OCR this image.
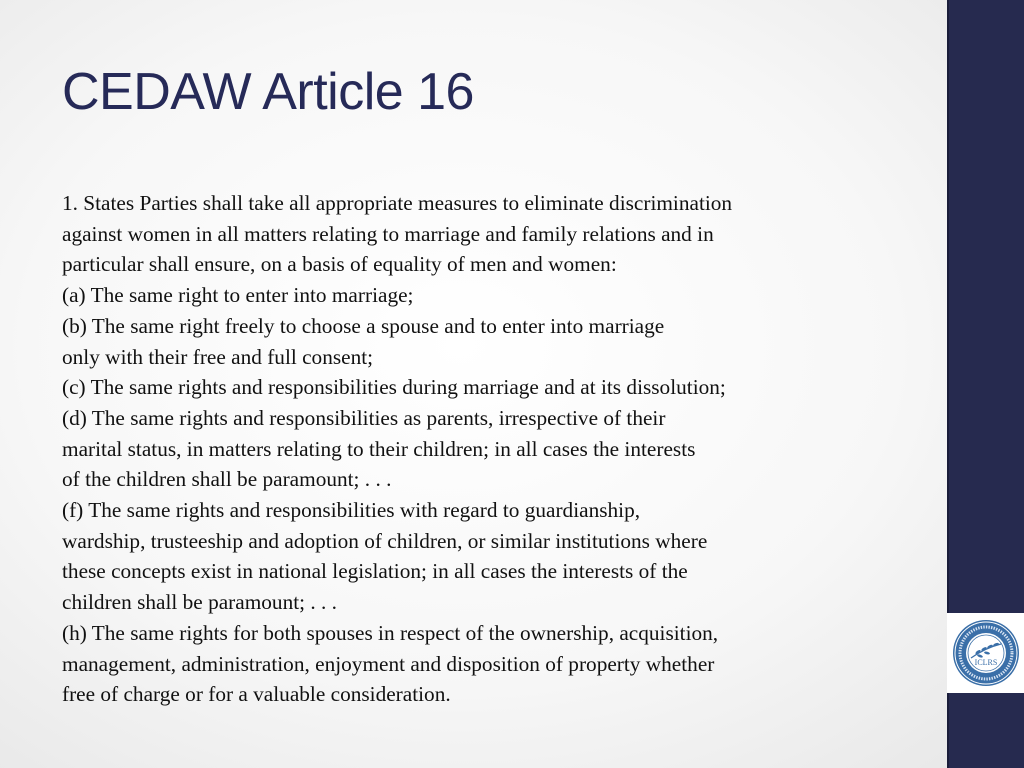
CEDAW Article 16
1. States Parties shall take all appropriate measures to eliminate discrimination
against women in all matters relating to marriage and family relations and in
particular shall ensure, on a basis of equality of men and women:
(a) The same right to enter into marriage;
(b) The same right freely to choose a spouse and to enter into marriage
only with their free and full consent;
(c) The same rights and responsibilities during marriage and at its dissolution;
(d) The same rights and responsibilities as parents, irrespective of their
marital status, in matters relating to their children; in all cases the interests
of the children shall be paramount; . . .
(f) The same rights and responsibilities with regard to guardianship,
wardship, trusteeship and adoption of children, or similar institutions where
these concepts exist in national legislation; in all cases the interests of the
children shall be paramount; . . .
(h) The same rights for both spouses in respect of the ownership, acquisition,
management, administration, enjoyment and disposition of property whether
free of charge or for a valuable consideration.
ICLRS
